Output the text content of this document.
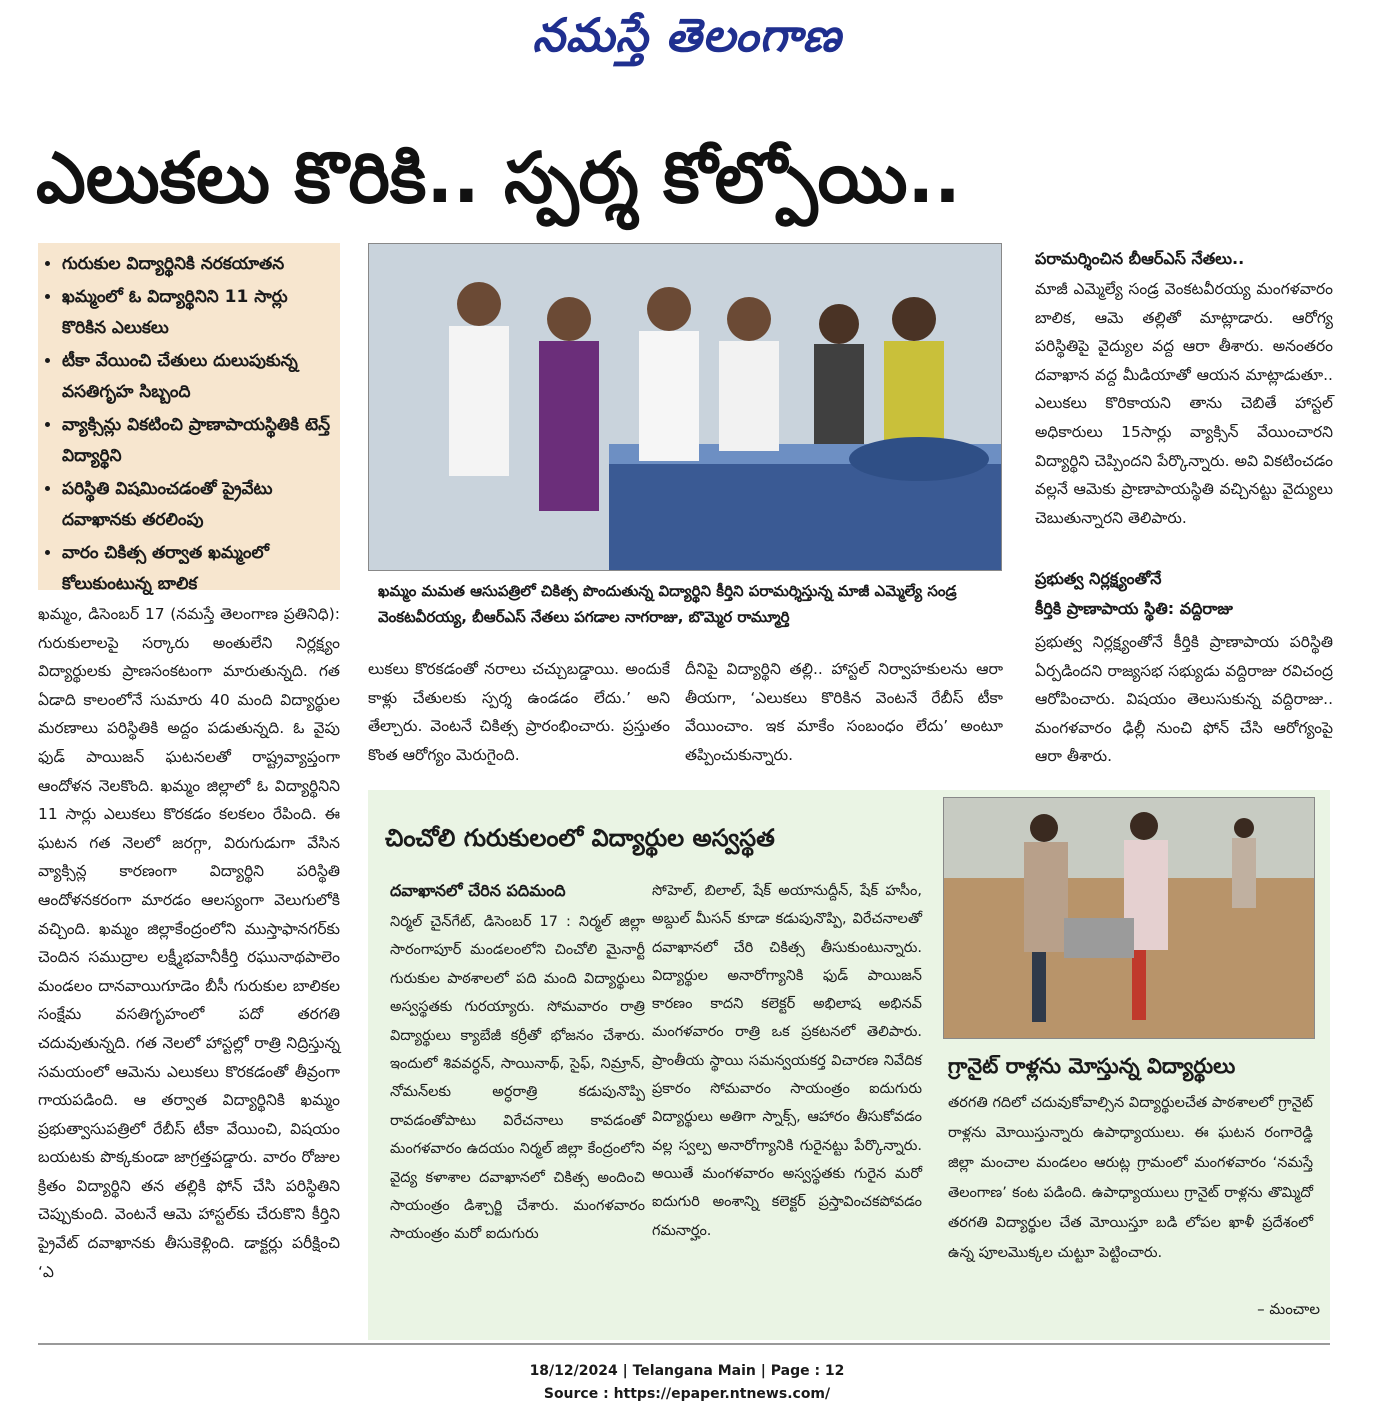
నమస్తే తెలంగాణ
ఎలుకలు కొరికి.. స్పర్శ కోల్పోయి..
• గురుకుల విద్యార్థినికి నరకయాతన
• ఖమ్మంలో ఓ విద్యార్థినిని 11 సార్లు కొరికిన ఎలుకలు
• టీకా వేయించి చేతులు దులుపుకున్న వసతిగృహ సిబ్బంది
• వ్యాక్సిన్లు వికటించి ప్రాణాపాయస్థితికి టెన్త్ విద్యార్థిని
• పరిస్థితి విషమించడంతో ప్రైవేటు దవాఖానకు తరలింపు
• వారం చికిత్స తర్వాత ఖమ్మంలో కోలుకుంటున్న బాలిక	ఖమ్మం మమత ఆసుపత్రిలో చికిత్స పొందుతున్న విద్యార్థిని కీర్తిని పరామర్శిస్తున్న మాజీ ఎమ్మెల్యే సండ్ర వెంకటవీరయ్య, బీఆర్‌ఎస్ నేతలు పగడాల నాగరాజు, బొమ్మెర రామ్మూర్తి
ఖమ్మం, డిసెంబర్ 17 (నమస్తే తెలంగాణ ప్రతినిధి): గురుకులాలపై సర్కారు అంతులేని నిర్లక్ష్యం విద్యార్థులకు ప్రాణసంకటంగా మారుతున్నది. గత ఏడాది కాలంలోనే సుమారు 40 మంది విద్యార్థుల మరణాలు పరిస్థితికి అద్దం పడుతున్నది. ఓ వైపు ఫుడ్ పాయిజన్ ఘటనలతో రాష్ట్రవ్యాప్తంగా ఆందోళన నెలకొంది. ఖమ్మం జిల్లాలో ఓ విద్యార్థినిని 11 సార్లు ఎలుకలు కొరకడం కలకలం రేపింది. ఈ ఘటన గత నెలలో జరగ్గా, విరుగుడుగా వేసిన వ్యాక్సిన్ల కారణంగా విద్యార్థిని పరిస్థితి ఆందోళనకరంగా మారడం ఆలస్యంగా వెలుగులోకి వచ్చింది. ఖమ్మం జిల్లాకేంద్రంలోని ముస్తాఫానగర్‌కు చెందిన సముద్రాల లక్ష్మీభవానీకీర్తి రఘునాథపాలెం మండలం దానవాయిగూడెం బీసీ గురుకుల బాలికల సంక్షేమ వసతిగృహంలో పదో తరగతి చదువుతున్నది. గత నెలలో హాస్టల్లో రాత్రి నిద్రిస్తున్న సమయంలో ఆమెను ఎలుకలు కొరకడంతో తీవ్రంగా గాయపడింది. ఆ తర్వాత విద్యార్థినికి ఖమ్మం ప్రభుత్వాసుపత్రిలో రేబీస్ టీకా వేయించి, విషయం బయటకు పొక్కకుండా జాగ్రత్తపడ్డారు. వారం రోజుల క్రితం విద్యార్థిని తన తల్లికి ఫోన్ చేసి పరిస్థితిని చెప్పుకుంది. వెంటనే ఆమె హాస్టల్‌కు చేరుకొని కీర్తిని ప్రైవేట్ దవాఖానకు తీసుకెళ్లింది. డాక్టర్లు పరీక్షించి ‘ఎ
లుకలు కొరకడంతో నరాలు చచ్చుబడ్డాయి. అందుకే కాళ్లు చేతులకు స్పర్శ ఉండడం లేదు.’ అని తేల్చారు. వెంటనే చికిత్స ప్రారంభించారు. ప్రస్తుతం కొంత ఆరోగ్యం మెరుగైంది.
దీనిపై విద్యార్థిని తల్లి.. హాస్టల్ నిర్వాహకులను ఆరా తీయగా, ‘ఎలుకలు కొరికిన వెంటనే రేబీస్ టీకా వేయించాం. ఇక మాకేం సంబంధం లేదు’ అంటూ తప్పించుకున్నారు.
పరామర్శించిన బీఆర్‌ఎస్ నేతలు..
మాజీ ఎమ్మెల్యే సండ్ర వెంకటవీరయ్య మంగళవారం బాలిక, ఆమె తల్లితో మాట్లాడారు. ఆరోగ్య పరిస్థితిపై వైద్యుల వద్ద ఆరా తీశారు. అనంతరం దవాఖాన వద్ద మీడియాతో ఆయన మాట్లాడుతూ.. ఎలుకలు కొరికాయని తాను చెబితే హాస్టల్ అధికారులు 15సార్లు వ్యాక్సిన్ వేయించారని విద్యార్థిని చెప్పిందని పేర్కొన్నారు. అవి వికటించడం వల్లనే ఆమెకు ప్రాణాపాయస్థితి వచ్చినట్టు వైద్యులు చెబుతున్నారని తెలిపారు.
ప్రభుత్వ నిర్లక్ష్యంతోనే
కీర్తికి ప్రాణాపాయ స్థితి: వద్దిరాజు
ప్రభుత్వ నిర్లక్ష్యంతోనే కీర్తికి ప్రాణాపాయ పరిస్థితి ఏర్పడిందని రాజ్యసభ సభ్యుడు వద్దిరాజు రవిచంద్ర ఆరోపించారు. విషయం తెలుసుకున్న వద్దిరాజు.. మంగళవారం ఢిల్లీ నుంచి ఫోన్ చేసి ఆరోగ్యంపై ఆరా తీశారు.
చించోలి గురుకులంలో విద్యార్థుల అస్వస్థత
దవాఖానలో చేరిన పదిమంది
నిర్మల్ చైన్‌గేట్, డిసెంబర్ 17 : నిర్మల్ జిల్లా సారంగాపూర్ మండలంలోని చించోలి మైనార్టీ గురుకుల పాఠశాలలో పది మంది విద్యార్థులు అస్వస్థతకు గురయ్యారు. సోమవారం రాత్రి విద్యార్థులు క్యాబేజీ కర్రీతో భోజనం చేశారు. ఇందులో శివవర్ధన్, సాయినాథ్, సైఫ్, నిమ్రాన్, నోమన్‌లకు అర్ధరాత్రి కడుపునొప్పి రావడంతోపాటు విరేచనాలు కావడంతో మంగళవారం ఉదయం నిర్మల్ జిల్లా కేంద్రంలోని వైద్య కళాశాల దవాఖానలో చికిత్స అందించి సాయంత్రం డిశ్చార్జి చేశారు. మంగళవారం సాయంత్రం మరో ఐదుగురు
సోహెల్, బిలాల్, షేక్ అయానుద్దీన్, షేక్ హసీం, అబ్దుల్ మీసన్ కూడా కడుపునొప్పి, విరేచనాలతో దవాఖానలో చేరి చికిత్స తీసుకుంటున్నారు. విద్యార్థుల అనారోగ్యానికి ఫుడ్ పాయిజన్ కారణం కాదని కలెక్టర్ అభిలాష అభినవ్ మంగళవారం రాత్రి ఒక ప్రకటనలో తెలిపారు. ప్రాంతీయ స్థాయి సమన్వయకర్త విచారణ నివేదిక ప్రకారం సోమవారం సాయంత్రం ఐదుగురు విద్యార్థులు అతిగా స్నాక్స్, ఆహారం తీసుకోవడం వల్ల స్వల్ప అనారోగ్యానికి గురైనట్టు పేర్కొన్నారు. అయితే మంగళవారం అస్వస్థతకు గురైన మరో ఐదుగురి అంశాన్ని కలెక్టర్ ప్రస్తావించకపోవడం గమనార్హం.
గ్రానైట్ రాళ్లను మోస్తున్న విద్యార్థులు
తరగతి గదిలో చదువుకోవాల్సిన విద్యార్థులచేత పాఠశాలలో గ్రానైట్ రాళ్లను మోయిస్తున్నారు ఉపాధ్యాయులు. ఈ ఘటన రంగారెడ్డి జిల్లా మంచాల మండలం ఆరుట్ల గ్రామంలో మంగళవారం ‘నమస్తే తెలంగాణ’ కంట పడింది. ఉపాధ్యాయులు గ్రానైట్ రాళ్లను తొమ్మిదో తరగతి విద్యార్థుల చేత మోయిస్తూ బడి లోపల ఖాళీ ప్రదేశంలో ఉన్న పూలమొక్కల చుట్టూ పెట్టించారు.
– మంచాల
18/12/2024 | Telangana Main | Page : 12
Source : https://epaper.ntnews.com/
